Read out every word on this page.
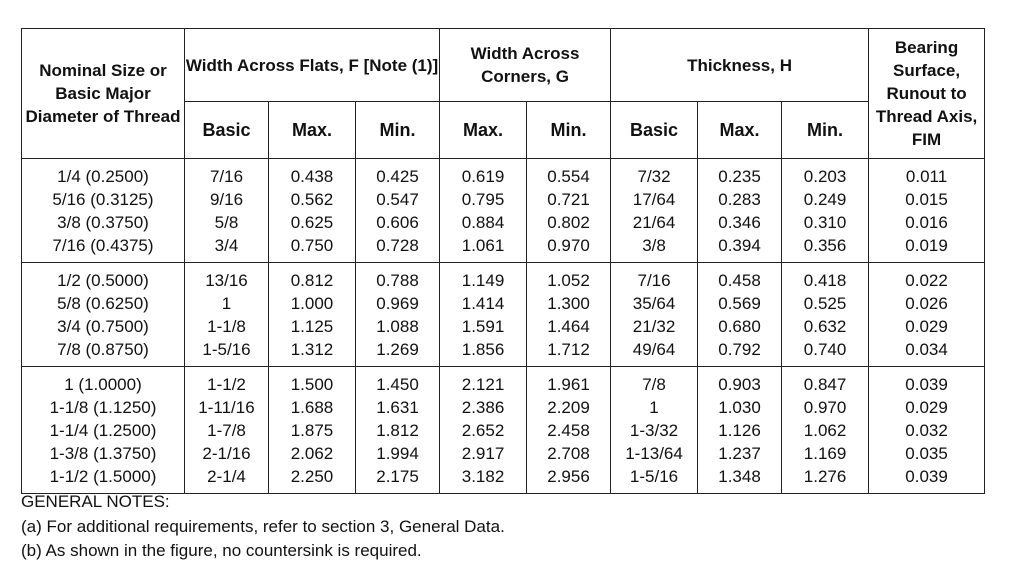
Nominal Size or Basic Major Diameter of Thread	Width Across Flats, F [Note (1)]			Width Across Corners, G		Thickness, H			Bearing Surface, Runout to Thread Axis, FIM
	Basic	Max.	Min.	Max.	Min.	Basic	Max.	Min.	
1/4 (0.2500)	7/16	0.438	0.425	0.619	0.554	7/32	0.235	0.203	0.011
5/16 (0.3125)	9/16	0.562	0.547	0.795	0.721	17/64	0.283	0.249	0.015
3/8 (0.3750)	5/8	0.625	0.606	0.884	0.802	21/64	0.346	0.310	0.016
7/16 (0.4375)	3/4	0.750	0.728	1.061	0.970	3/8	0.394	0.356	0.019
1/2 (0.5000)	13/16	0.812	0.788	1.149	1.052	7/16	0.458	0.418	0.022
5/8 (0.6250)	1	1.000	0.969	1.414	1.300	35/64	0.569	0.525	0.026
3/4 (0.7500)	1-1/8	1.125	1.088	1.591	1.464	21/32	0.680	0.632	0.029
7/8 (0.8750)	1-5/16	1.312	1.269	1.856	1.712	49/64	0.792	0.740	0.034
1 (1.0000)	1-1/2	1.500	1.450	2.121	1.961	7/8	0.903	0.847	0.039
1-1/8 (1.1250)	1-11/16	1.688	1.631	2.386	2.209	1	1.030	0.970	0.029
1-1/4 (1.2500)	1-7/8	1.875	1.812	2.652	2.458	1-3/32	1.126	1.062	0.032
1-3/8 (1.3750)	2-1/16	2.062	1.994	2.917	2.708	1-13/64	1.237	1.169	0.035
1-1/2 (1.5000)	2-1/4	2.250	2.175	3.182	2.956	1-5/16	1.348	1.276	0.039
GENERAL NOTES:
(a) For additional requirements, refer to section 3, General Data.
(b) As shown in the figure, no countersink is required.
